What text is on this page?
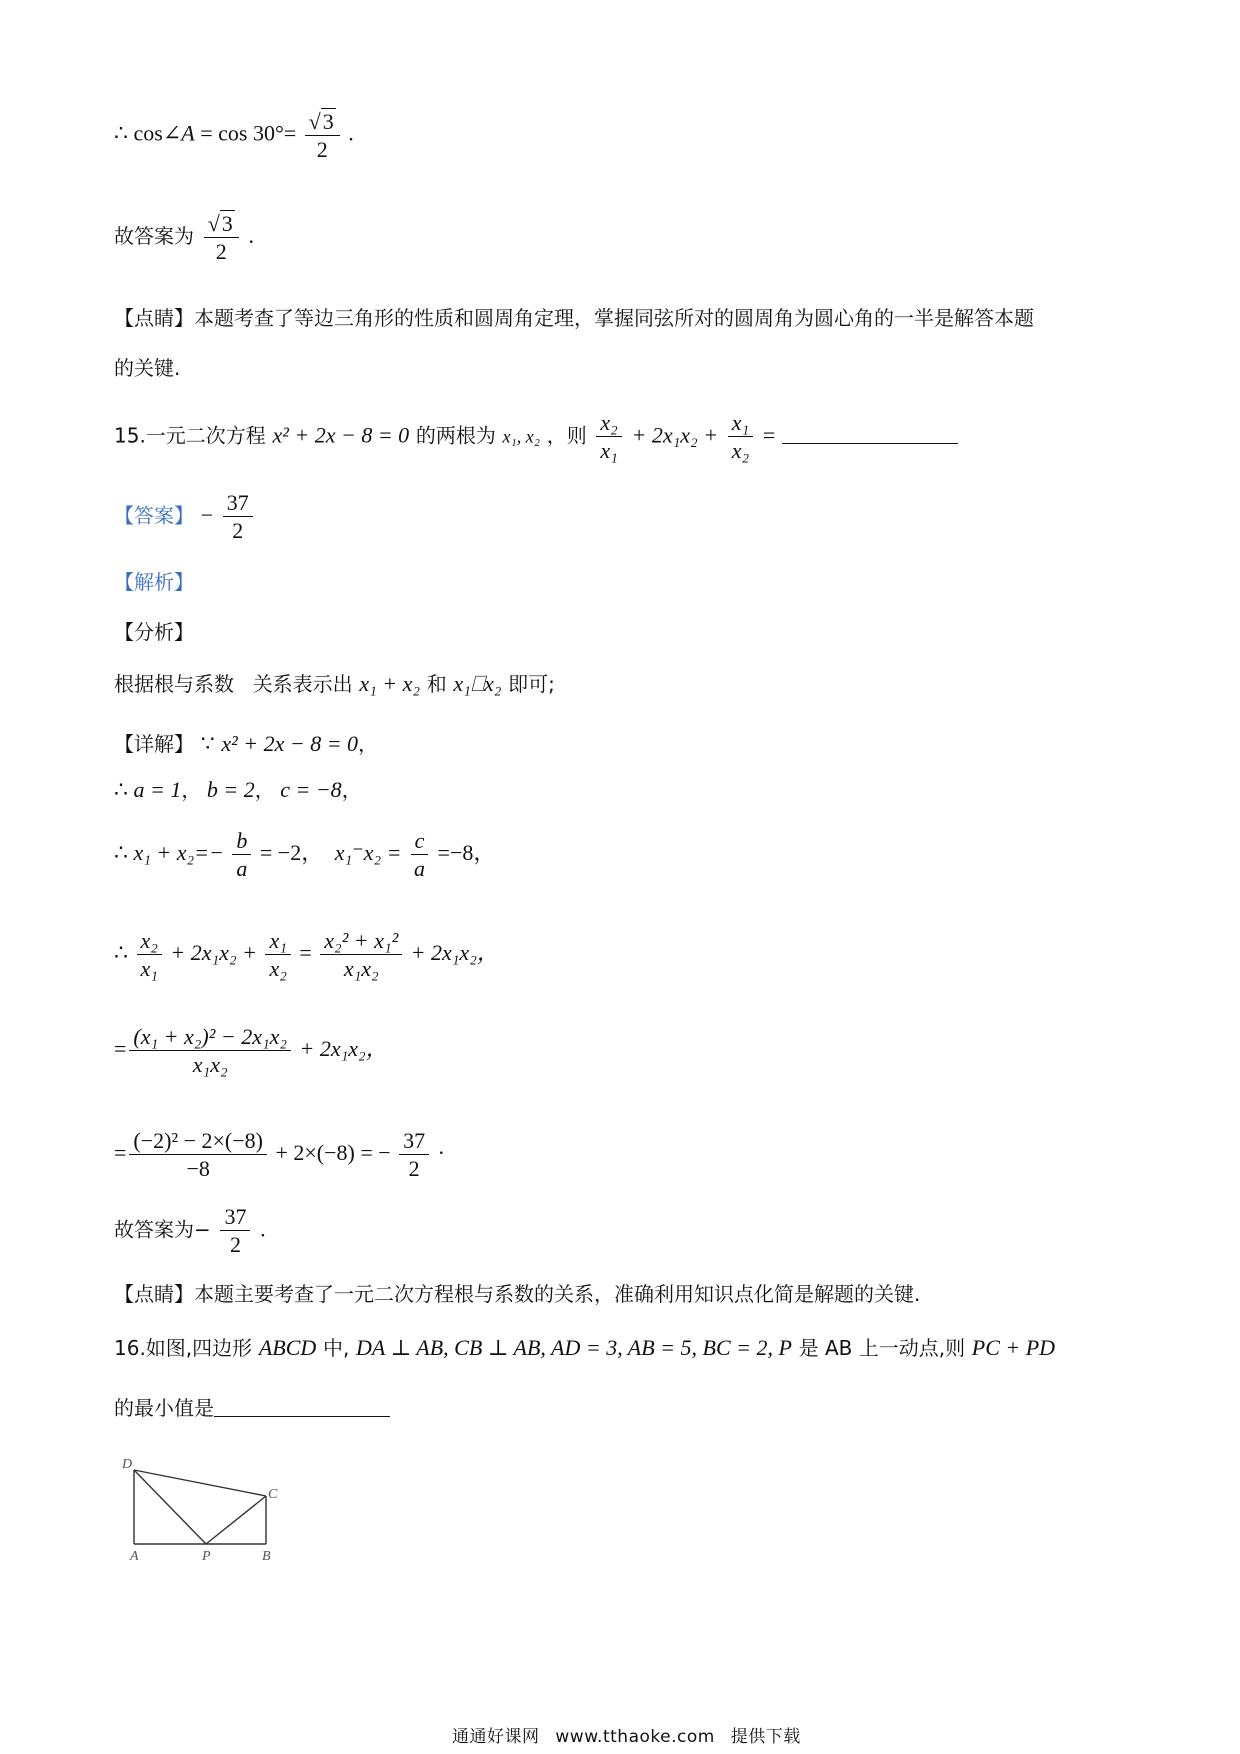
∴ cos∠A = $\cos 30^\circ= \frac{√3}{2}$ .
故答案为 $\frac{√3}{2}$ .
【点睛】本题考查了等边三角形的性质和圆周角定理，掌握同弦所对的圆周角为圆心角的一半是解答本题
的关键.
15.一元二次方程 x² + 2x − 8 = 0 的两根为 x₁, x₂ ，则 $\frac{\text{x₂}}{\text{x₁}} + 2x_1x_2 + \frac{\text{x₁}}{\text{x₂}}$ =
【答案】 − $\frac{37}{2}$
【解析】
【分析】
根据根与系数 关系表示出 x₁ + x₂ 和 x₁⎕x₂ 即可;
【详解】 ∵ x² + 2x − 8 = 0，
∴ a = 1， b = 2， c = −8，
∴ $x_1 + x_2=- \frac{b}{a} = -2$， $x_1^-x_2 = \frac{c}{a} =-8$，
∴ $\frac{\text{x₂}}{\text{x₁}} + 2x_1x_2 + \frac{\text{x₁}}{\text{x₂}} = \frac{\text{x₂² + x₁²}}{\text{x₁x₂}} + 2x_1x_2$，
= $\frac{\text{(x₁ + x₂)² − 2x₁x₂}}{\text{x₁x₂}} + 2x_1x_2$，
= $\frac{\text{(−2)² − 2×(−8)}}{-8} + 2\times(-8)$ = − $\frac{37}{2}$ ·
故答案为− $\frac{37}{2}$ .
【点睛】本题主要考查了一元二次方程根与系数的关系，准确利用知识点化简是解题的关键.
16.如图,四边形 ABCD 中, DA ⊥ AB, CB ⊥ AB, AD = 3, AB = 5, BC = 2, P 是 AB 上一动点,则 PC + PD
的最小值是
D
C
A	P	B
通通好课网 www.tthaoke.com 提供下载
